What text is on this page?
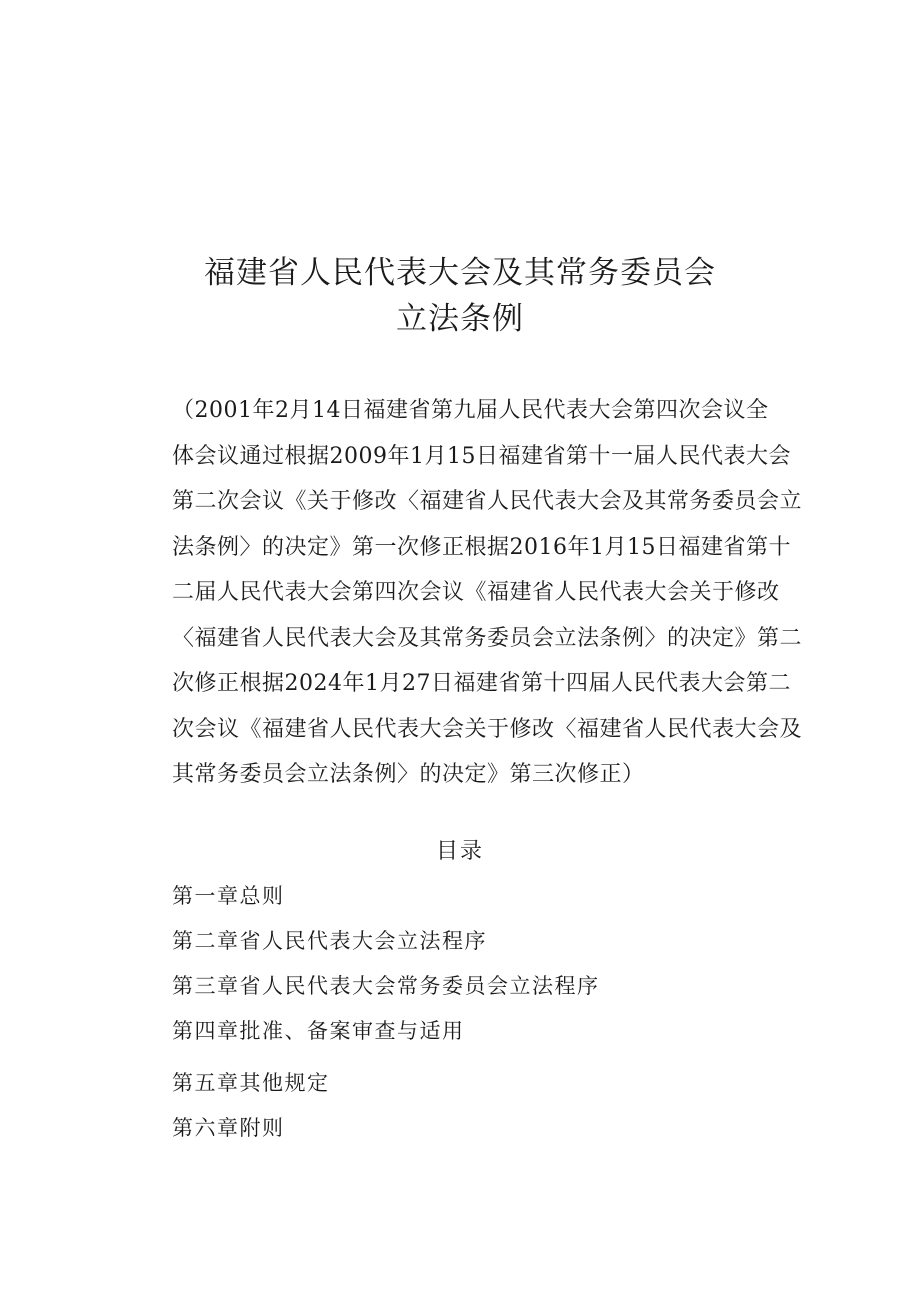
福建省人民代表大会及其常务委员会
立法条例
（2001年2月14日福建省第九届人民代表大会第四次会议全
体会议通过根据2009年1月15日福建省第十一届人民代表大会
第二次会议《关于修改〈福建省人民代表大会及其常务委员会立
法条例〉的决定》第一次修正根据2016年1月15日福建省第十
二届人民代表大会第四次会议《福建省人民代表大会关于修改
〈福建省人民代表大会及其常务委员会立法条例〉的决定》第二
次修正根据2024年1月27日福建省第十四届人民代表大会第二
次会议《福建省人民代表大会关于修改〈福建省人民代表大会及
其常务委员会立法条例〉的决定》第三次修正）
目录
第一章总则
第二章省人民代表大会立法程序
第三章省人民代表大会常务委员会立法程序
第四章批准、备案审查与适用
第五章其他规定
第六章附则
